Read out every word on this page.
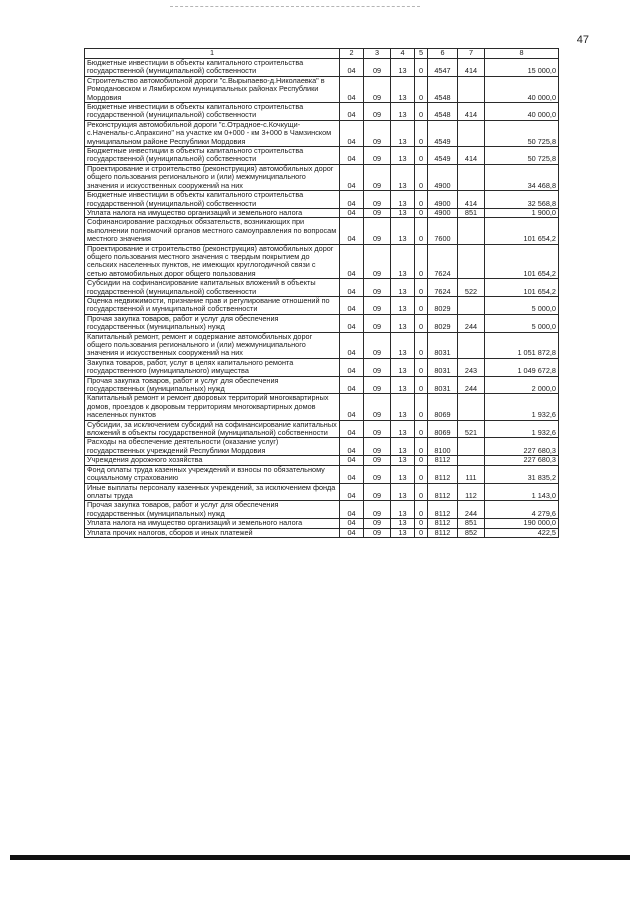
47
1	2	3	4	5	6	7	8
Бюджетные инвестиции в объекты капитального строительства государственной (муниципальной) собственности	04	09	13	0	4547	414	15 000,0
Строительство автомобильной дороги "с.Вырыпаево-д.Николаевка" в Ромодановском и Лямбирском муниципальных районах Республики Мордовия	04	09	13	0	4548		40 000,0
Бюджетные инвестиции в объекты капитального строительства государственной (муниципальной) собственности	04	09	13	0	4548	414	40 000,0
Реконструкция автомобильной дороги "с.Отрадное-с.Кочкущи-с.Наченалы-с.Апраксино" на участке км 0+000 - км 3+000 в Чамзинском муниципальном районе Республики Мордовия	04	09	13	0	4549		50 725,8
Бюджетные инвестиции в объекты капитального строительства государственной (муниципальной) собственности	04	09	13	0	4549	414	50 725,8
Проектирование и строительство (реконструкция) автомобильных дорог общего пользования регионального и (или) межмуниципального значения и искусственных сооружений на них	04	09	13	0	4900		34 468,8
Бюджетные инвестиции в объекты капитального строительства государственной (муниципальной) собственности	04	09	13	0	4900	414	32 568,8
Уплата налога на имущество организаций и земельного налога	04	09	13	0	4900	851	1 900,0
Софинансирование расходных обязательств, возникающих при выполнении полномочий органов местного самоуправления по вопросам местного значения	04	09	13	0	7600		101 654,2
Проектирование и строительство (реконструкция) автомобильных дорог общего пользования местного значения с твердым покрытием до сельских населенных пунктов, не имеющих круглогодичной связи с сетью автомобильных дорог общего пользования	04	09	13	0	7624		101 654,2
Субсидии на софинансирование капитальных вложений в объекты государственной (муниципальной) собственности	04	09	13	0	7624	522	101 654,2
Оценка недвижимости, признание прав и регулирование отношений по государственной и муниципальной собственности	04	09	13	0	8029		5 000,0
Прочая закупка товаров, работ и услуг для обеспечения государственных (муниципальных) нужд	04	09	13	0	8029	244	5 000,0
Капитальный ремонт, ремонт и содержание автомобильных дорог общего пользования регионального и (или) межмуниципального значения и искусственных сооружений на них	04	09	13	0	8031		1 051 872,8
Закупка товаров, работ, услуг в целях капитального ремонта государственного (муниципального) имущества	04	09	13	0	8031	243	1 049 672,8
Прочая закупка товаров, работ и услуг для обеспечения государственных (муниципальных) нужд	04	09	13	0	8031	244	2 000,0
Капитальный ремонт и ремонт дворовых территорий многоквартирных домов, проездов к дворовым территориям многоквартирных домов населенных пунктов	04	09	13	0	8069		1 932,6
Субсидии, за исключением субсидий на софинансирование капитальных вложений в объекты государственной (муниципальной) собственности	04	09	13	0	8069	521	1 932,6
Расходы на обеспечение деятельности (оказание услуг) государственных учреждений Республики Мордовия	04	09	13	0	8100		227 680,3
Учреждения дорожного хозяйства	04	09	13	0	8112		227 680,3
Фонд оплаты труда казенных учреждений и взносы по обязательному социальному страхованию	04	09	13	0	8112	111	31 835,2
Иные выплаты персоналу казенных учреждений, за исключением фонда оплаты труда	04	09	13	0	8112	112	1 143,0
Прочая закупка товаров, работ и услуг для обеспечения государственных (муниципальных) нужд	04	09	13	0	8112	244	4 279,6
Уплата налога на имущество организаций и земельного налога	04	09	13	0	8112	851	190 000,0
Уплата прочих налогов, сборов и иных платежей	04	09	13	0	8112	852	422,5
